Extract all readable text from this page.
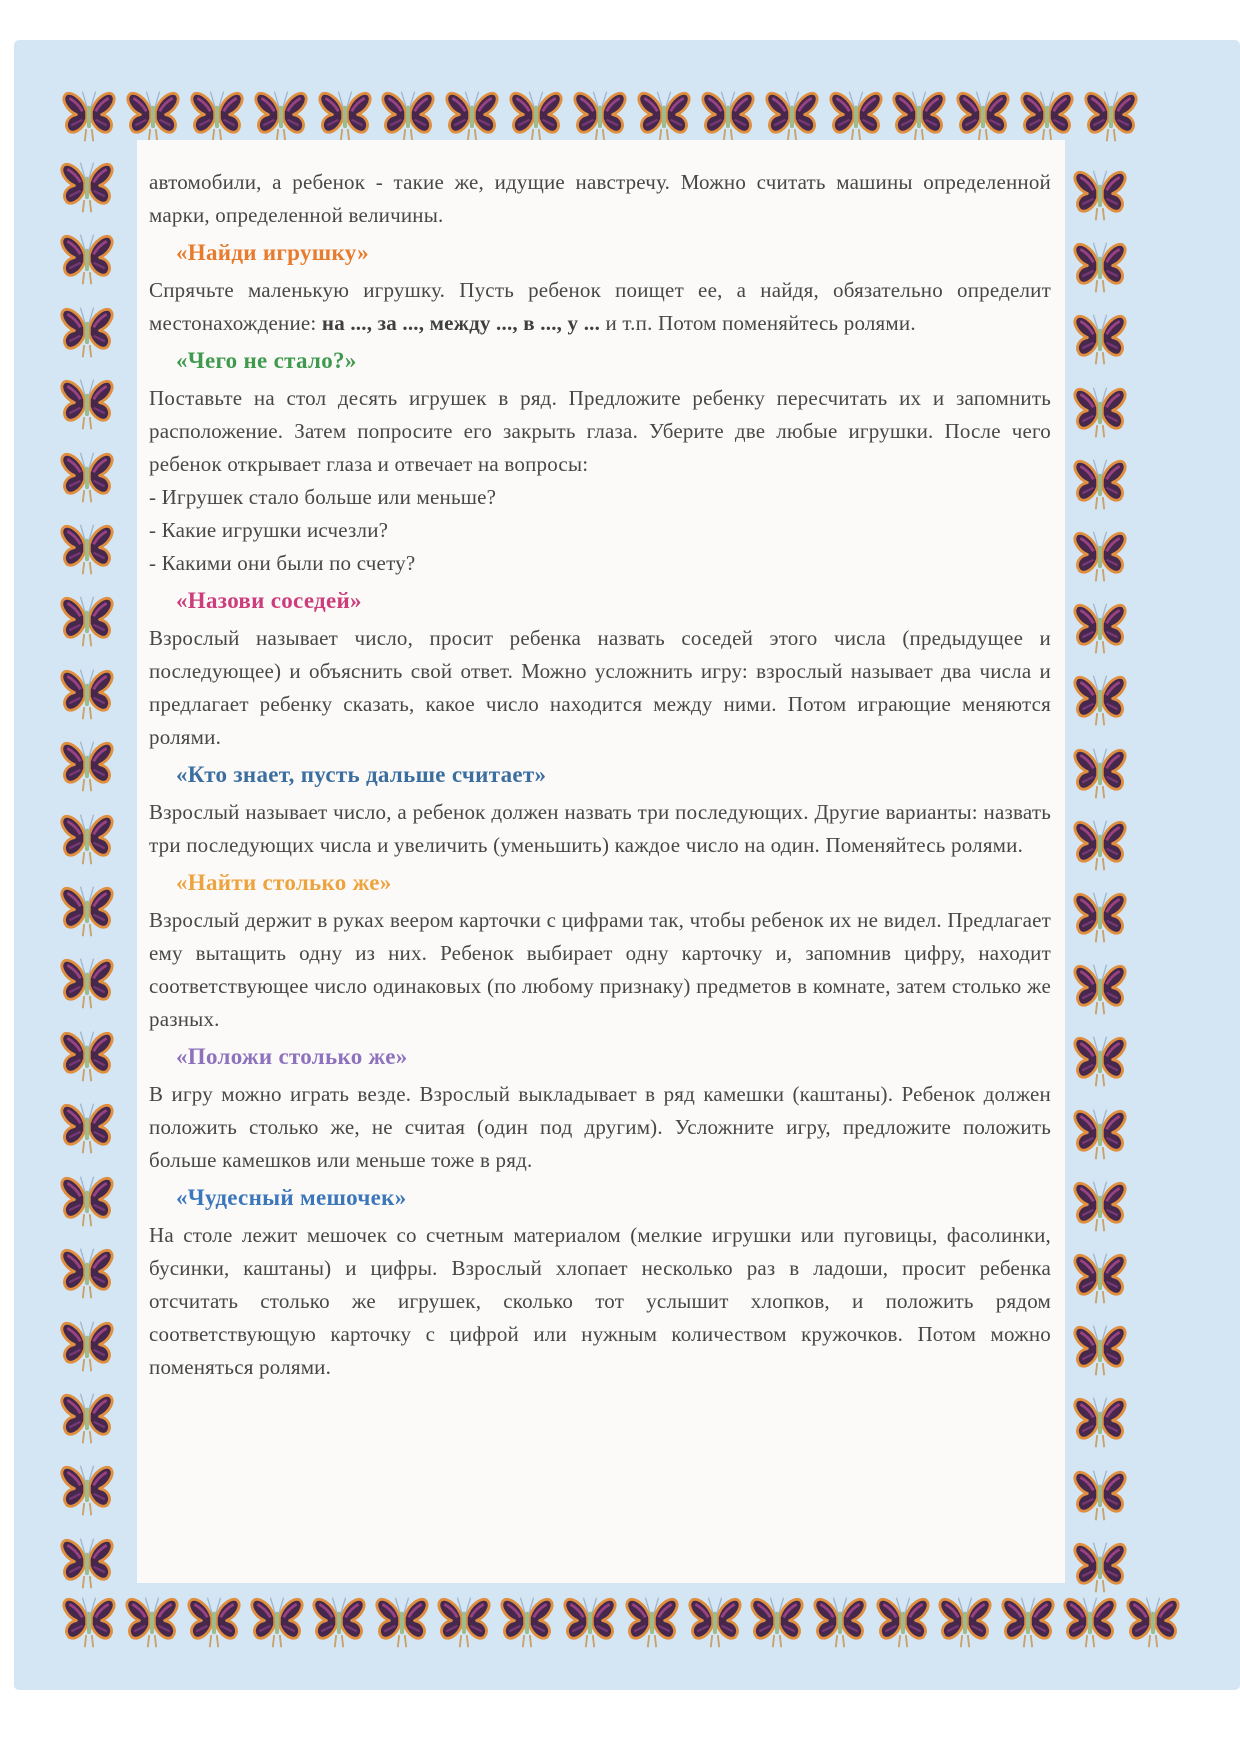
автомобили, а ребенок - такие же, идущие навстречу. Можно считать машины определенной марки, определенной величины.

«Найди игрушку»

Спрячьте маленькую игрушку. Пусть ребенок поищет ее, а найдя, обязательно определит местонахождение: на ..., за ..., между ..., в ..., у ... и т.п. Потом поменяйтесь ролями.

«Чего не стало?»

Поставьте на стол десять игрушек в ряд. Предложите ребенку пересчитать их и запомнить расположение. Затем попросите его закрыть глаза. Уберите две любые игрушки. После чего ребенок открывает глаза и отвечает на вопросы:

- Игрушек стало больше или меньше?

- Какие игрушки исчезли?

- Какими они были по счету?

«Назови соседей»

Взрослый называет число, просит ребенка назвать соседей этого числа (предыдущее и последующее) и объяснить свой ответ. Можно усложнить игру: взрослый называет два числа и предлагает ребенку сказать, какое число находится между ними. Потом играющие меняются ролями.

«Кто знает, пусть дальше считает»

Взрослый называет число, а ребенок должен назвать три последующих. Другие варианты: назвать три последующих числа и увеличить (уменьшить) каждое число на один. Поменяйтесь ролями.

«Найти столько же»

Взрослый держит в руках веером карточки с цифрами так, чтобы ребенок их не видел. Предлагает ему вытащить одну из них. Ребенок выбирает одну карточку и, запомнив цифру, находит соответствующее число одинаковых (по любому признаку) предметов в комнате, затем столько же разных.

«Положи столько же»

В игру можно играть везде. Взрослый выкладывает в ряд камешки (каштаны). Ребенок должен положить столько же, не считая (один под другим). Усложните игру, предложите положить больше камешков или меньше тоже в ряд.

«Чудесный мешочек»

На столе лежит мешочек со счетным материалом (мелкие игрушки или пуговицы, фасолинки, бусинки, каштаны) и цифры. Взрослый хлопает несколько раз в ладоши, просит ребенка отсчитать столько же игрушек, сколько тот услышит хлопков, и положить рядом соответствующую карточку с цифрой или нужным количеством кружочков. Потом можно поменяться ролями.
